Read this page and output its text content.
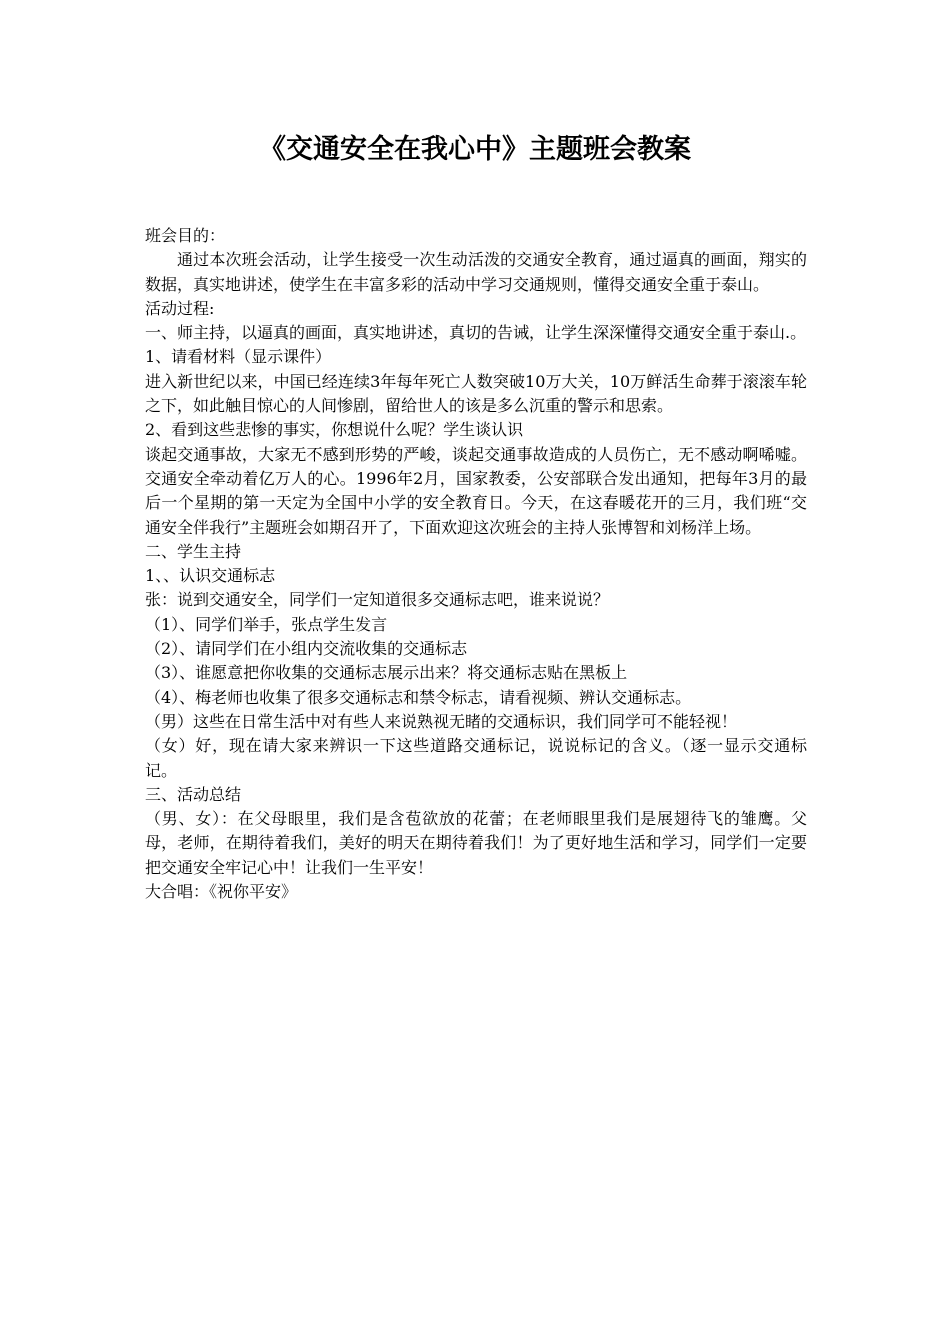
《交通安全在我心中》主题班会教案

班会目的：

通过本次班会活动，让学生接受一次生动活泼的交通安全教育，通过逼真的画面，翔实的数据，真实地讲述，使学生在丰富多彩的活动中学习交通规则，懂得交通安全重于泰山。

活动过程:

一、师主持，以逼真的画面，真实地讲述，真切的告诫，让学生深深懂得交通安全重于泰山.。

1、请看材料（显示课件）

进入新世纪以来，中国已经连续3年每年死亡人数突破10万大关，10万鲜活生命葬于滚滚车轮之下，如此触目惊心的人间惨剧，留给世人的该是多么沉重的警示和思索。

2、看到这些悲惨的事实，你想说什么呢？学生谈认识

谈起交通事故，大家无不感到形势的严峻，谈起交通事故造成的人员伤亡，无不感动啊唏嘘。交通安全牵动着亿万人的心。1996年2月，国家教委，公安部联合发出通知，把每年3月的最后一个星期的第一天定为全国中小学的安全教育日。今天，在这春暖花开的三月，我们班“交通安全伴我行”主题班会如期召开了，下面欢迎这次班会的主持人张博智和刘杨洋上场。

二、学生主持

1、、认识交通标志

张：说到交通安全，同学们一定知道很多交通标志吧，谁来说说？

（1）、同学们举手，张点学生发言

（2）、请同学们在小组内交流收集的交通标志

（3）、谁愿意把你收集的交通标志展示出来？将交通标志贴在黑板上

（4）、梅老师也收集了很多交通标志和禁令标志，请看视频、辨认交通标志。

（男）这些在日常生活中对有些人来说熟视无睹的交通标识，我们同学可不能轻视！

（女）好，现在请大家来辨识一下这些道路交通标记，说说标记的含义。（逐一显示交通标记。

三、活动总结

（男、女）：在父母眼里，我们是含苞欲放的花蕾；在老师眼里我们是展翅待飞的雏鹰。父母，老师，在期待着我们，美好的明天在期待着我们！为了更好地生活和学习，同学们一定要把交通安全牢记心中！让我们一生平安！

大合唱：《祝你平安》
